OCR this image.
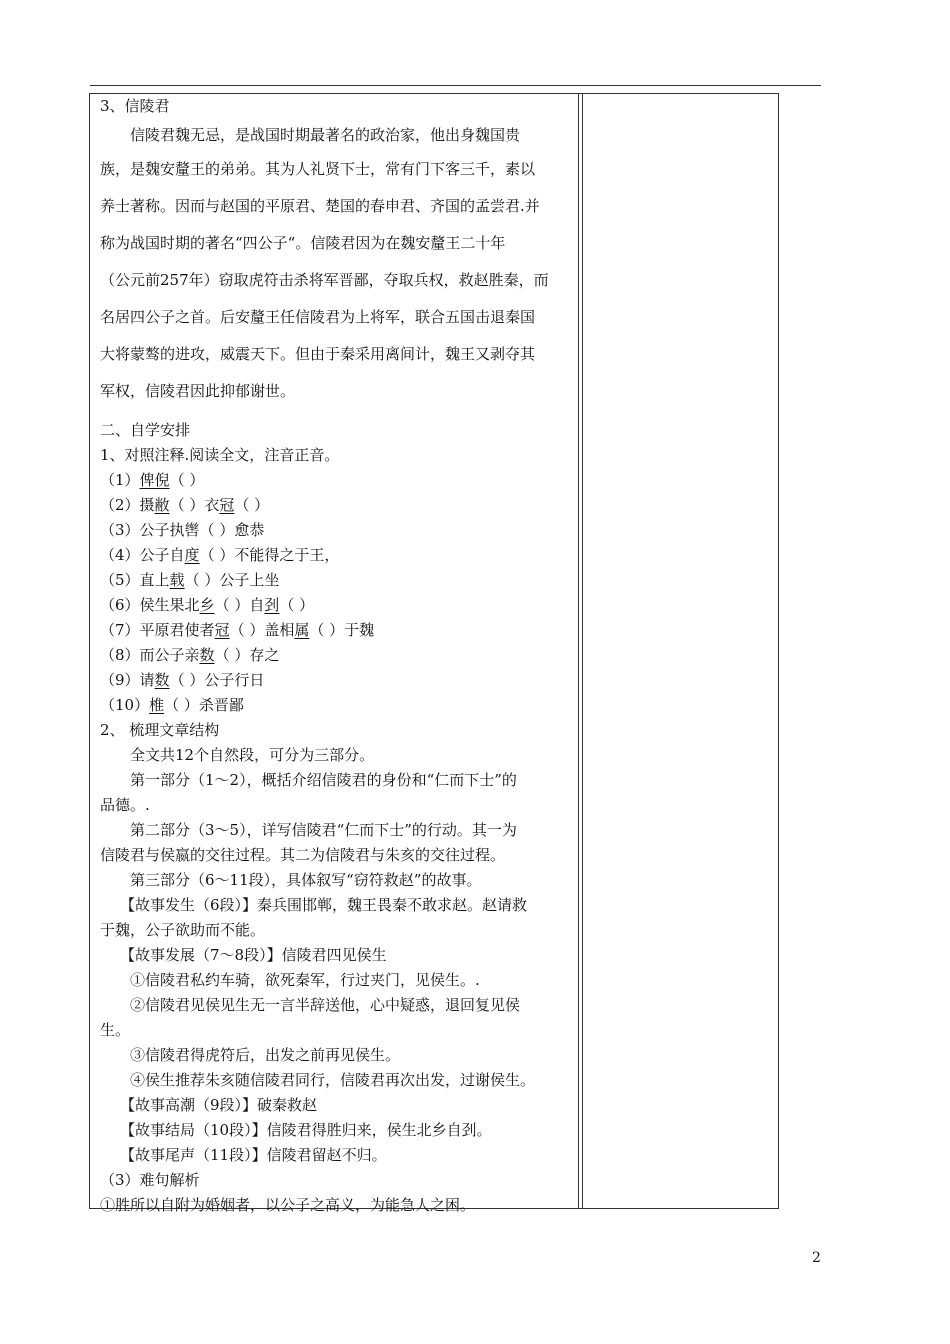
3、信陵君
信陵君魏无忌，是战国时期最著名的政治家，他出身魏国贵
族，是魏安釐王的弟弟。其为人礼贤下士，常有门下客三千，素以
养士著称。因而与赵国的平原君、楚国的春申君、齐国的孟尝君.并
称为战国时期的著名“四公子“。信陵君因为在魏安釐王二十年
（公元前257年）窃取虎符击杀将军晋鄙，夺取兵权，救赵胜秦，而
名居四公子之首。后安釐王任信陵君为上将军，联合五国击退秦国
大将蒙骜的进攻，威震天下。但由于秦采用离间计，魏王又剥夺其
军权，信陵君因此抑郁谢世。
二、自学安排
1、对照注释.阅读全文，注音正音。
（1）俾倪（ ）
（2）摄敝（ ）衣冠（ ）
（3）公子执辔（ ）愈恭
（4）公子自度（ ）不能得之于王，
（5）直上载（ ）公子上坐
（6）侯生果北乡（ ）自刭（ ）
（7）平原君使者冠（ ）盖相属（ ）于魏
（8）而公子亲数（ ）存之
（9）请数（ ）公子行日
（10）椎（ ）杀晋鄙
2、 梳理文章结构
全文共12个自然段，可分为三部分。
第一部分（1～2），概括介绍信陵君的身份和“仁而下士”的
品德。.
第二部分（3～5），详写信陵君“仁而下士”的行动。其一为
信陵君与侯嬴的交往过程。其二为信陵君与朱亥的交往过程。
第三部分（6～11段），具体叙写“窃符救赵”的故事。
【故事发生（6段）】秦兵围邯郸，魏王畏秦不敢求赵。赵请救
于魏，公子欲助而不能。
【故事发展（7～8段）】信陵君四见侯生
①信陵君私约车骑，欲死秦军，行过夹门，见侯生。.
②信陵君见侯见生无一言半辞送他，心中疑惑，退回复见侯
生。
③信陵君得虎符后，出发之前再见侯生。
④侯生推荐朱亥随信陵君同行，信陵君再次出发，过谢侯生。
【故事高潮（9段）】破秦救赵
【故事结局（10段）】信陵君得胜归来，侯生北乡自刭。
【故事尾声（11段）】信陵君留赵不归。
（3）难句解析
①胜所以自附为婚姻者，以公子之高义，为能急人之困。
2
